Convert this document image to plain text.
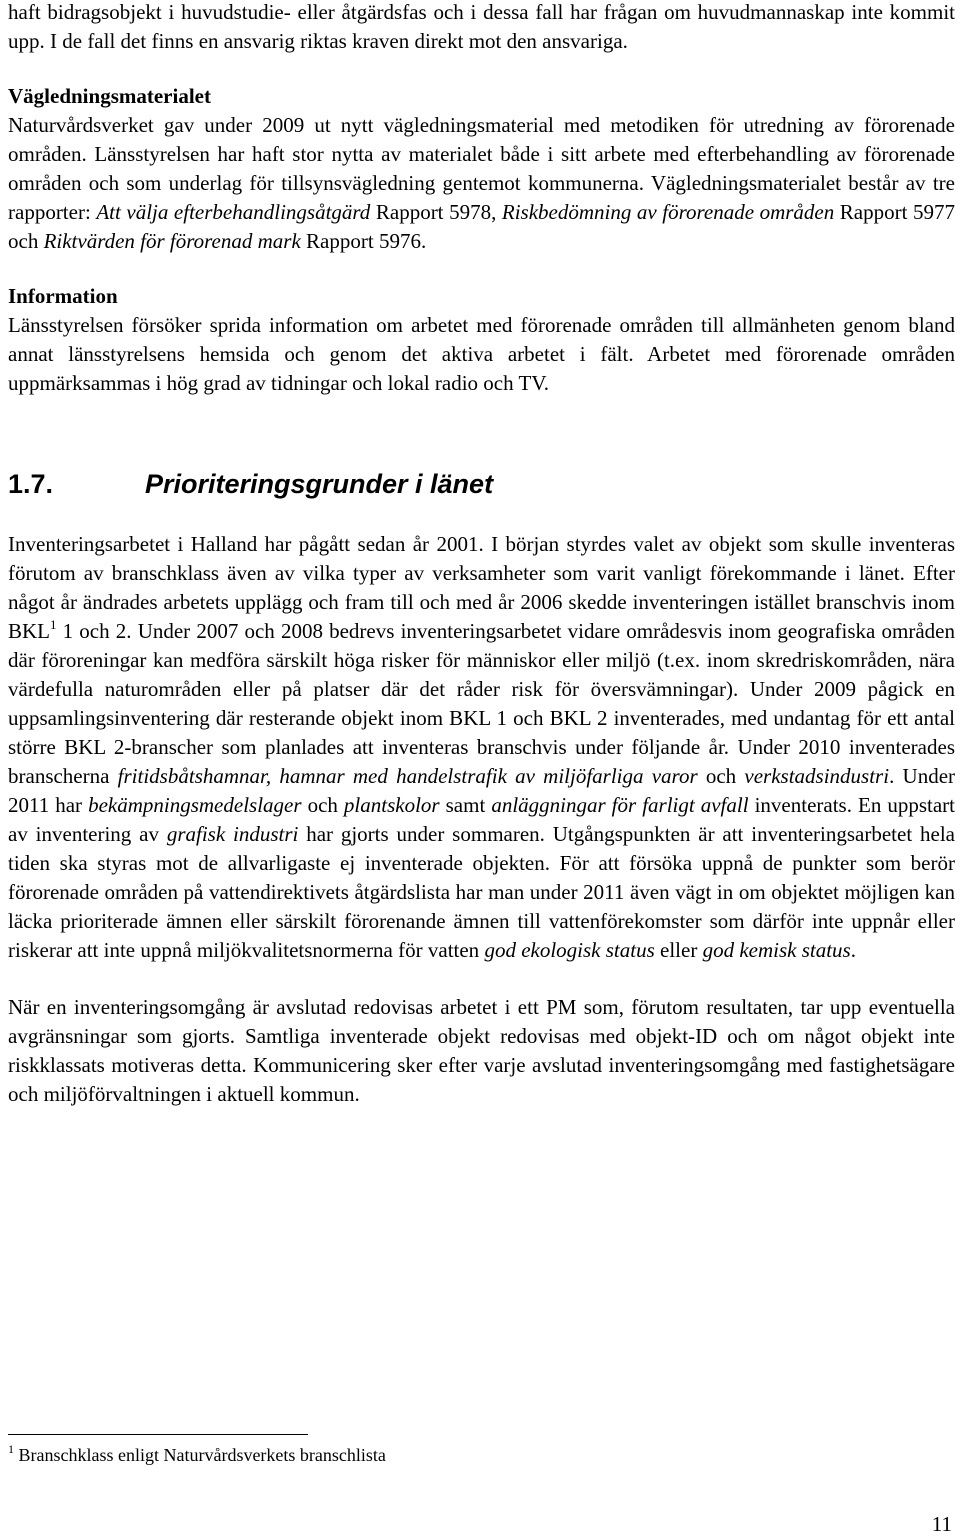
haft bidragsobjekt i huvudstudie- eller åtgärdsfas och i dessa fall har frågan om huvudmannaskap inte kommit upp. I de fall det finns en ansvarig riktas kraven direkt mot den ansvariga.

Vägledningsmaterialet

Naturvårdsverket gav under 2009 ut nytt vägledningsmaterial med metodiken för utredning av förorenade områden. Länsstyrelsen har haft stor nytta av materialet både i sitt arbete med efterbehandling av förorenade områden och som underlag för tillsynsvägledning gentemot kommunerna. Vägledningsmaterialet består av tre rapporter: Att välja efterbehandlingsåtgärd Rapport 5978, Riskbedömning av förorenade områden Rapport 5977 och Riktvärden för förorenad mark Rapport 5976.

Information

Länsstyrelsen försöker sprida information om arbetet med förorenade områden till allmänheten genom bland annat länsstyrelsens hemsida och genom det aktiva arbetet i fält. Arbetet med förorenade områden uppmärksammas i hög grad av tidningar och lokal radio och TV.

1.7.	Prioriteringsgrunder i länet

Inventeringsarbetet i Halland har pågått sedan år 2001. I början styrdes valet av objekt som skulle inventeras förutom av branschklass även av vilka typer av verksamheter som varit vanligt förekommande i länet. Efter något år ändrades arbetets upplägg och fram till och med år 2006 skedde inventeringen istället branschvis inom BKL$^1$ 1 och 2. Under 2007 och 2008 bedrevs inventeringsarbetet vidare områdesvis inom geografiska områden där föroreningar kan medföra särskilt höga risker för människor eller miljö (t.ex. inom skredriskområden, nära värdefulla naturområden eller på platser där det råder risk för översvämningar). Under 2009 pågick en uppsamlingsinventering där resterande objekt inom BKL 1 och BKL 2 inventerades, med undantag för ett antal större BKL 2-branscher som planlades att inventeras branschvis under följande år. Under 2010 inventerades branscherna fritidsbåtshamnar, hamnar med handelstrafik av miljöfarliga varor och verkstadsindustri. Under 2011 har bekämpningsmedelslager och plantskolor samt anläggningar för farligt avfall inventerats. En uppstart av inventering av grafisk industri har gjorts under sommaren. Utgångspunkten är att inventeringsarbetet hela tiden ska styras mot de allvarligaste ej inventerade objekten. För att försöka uppnå de punkter som berör förorenade områden på vattendirektivets åtgärdslista har man under 2011 även vägt in om objektet möjligen kan läcka prioriterade ämnen eller särskilt förorenande ämnen till vattenförekomster som därför inte uppnår eller riskerar att inte uppnå miljökvalitetsnormerna för vatten god ekologisk status eller god kemisk status.

När en inventeringsomgång är avslutad redovisas arbetet i ett PM som, förutom resultaten, tar upp eventuella avgränsningar som gjorts. Samtliga inventerade objekt redovisas med objekt-ID och om något objekt inte riskklassats motiveras detta. Kommunicering sker efter varje avslutad inventeringsomgång med fastighetsägare och miljöförvaltningen i aktuell kommun.

$^1$ Branschklass enligt Naturvårdsverkets branschlista
11
